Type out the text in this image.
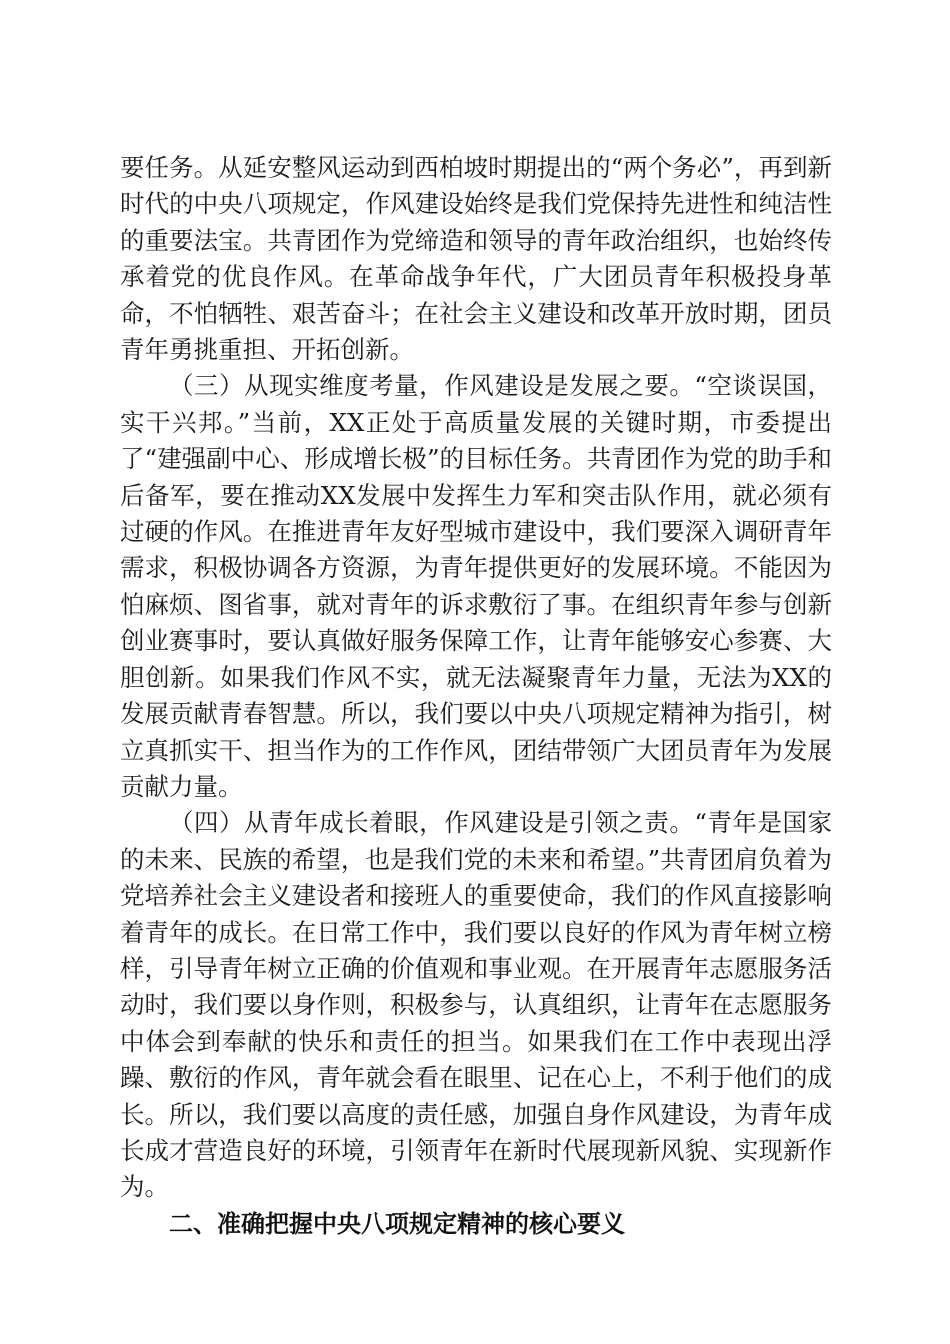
要任务。从延安整风运动到西柏坡时期提出的“两个务必”，再到新时代的中央八项规定，作风建设始终是我们党保持先进性和纯洁性的重要法宝。共青团作为党缔造和领导的青年政治组织，也始终传承着党的优良作风。在革命战争年代，广大团员青年积极投身革命，不怕牺牲、艰苦奋斗；在社会主义建设和改革开放时期，团员青年勇挑重担、开拓创新。

（三）从现实维度考量，作风建设是发展之要。“空谈误国，实干兴邦。”当前，XX正处于高质量发展的关键时期，市委提出了“建强副中心、形成增长极”的目标任务。共青团作为党的助手和后备军，要在推动XX发展中发挥生力军和突击队作用，就必须有过硬的作风。在推进青年友好型城市建设中，我们要深入调研青年需求，积极协调各方资源，为青年提供更好的发展环境。不能因为怕麻烦、图省事，就对青年的诉求敷衍了事。在组织青年参与创新创业赛事时，要认真做好服务保障工作，让青年能够安心参赛、大胆创新。如果我们作风不实，就无法凝聚青年力量，无法为XX的发展贡献青春智慧。所以，我们要以中央八项规定精神为指引，树立真抓实干、担当作为的工作作风，团结带领广大团员青年为发展贡献力量。

（四）从青年成长着眼，作风建设是引领之责。“青年是国家的未来、民族的希望，也是我们党的未来和希望。”共青团肩负着为党培养社会主义建设者和接班人的重要使命，我们的作风直接影响着青年的成长。在日常工作中，我们要以良好的作风为青年树立榜样，引导青年树立正确的价值观和事业观。在开展青年志愿服务活动时，我们要以身作则，积极参与，认真组织，让青年在志愿服务中体会到奉献的快乐和责任的担当。如果我们在工作中表现出浮躁、敷衍的作风，青年就会看在眼里、记在心上，不利于他们的成长。所以，我们要以高度的责任感，加强自身作风建设，为青年成长成才营造良好的环境，引领青年在新时代展现新风貌、实现新作为。

二、准确把握中央八项规定精神的核心要义
